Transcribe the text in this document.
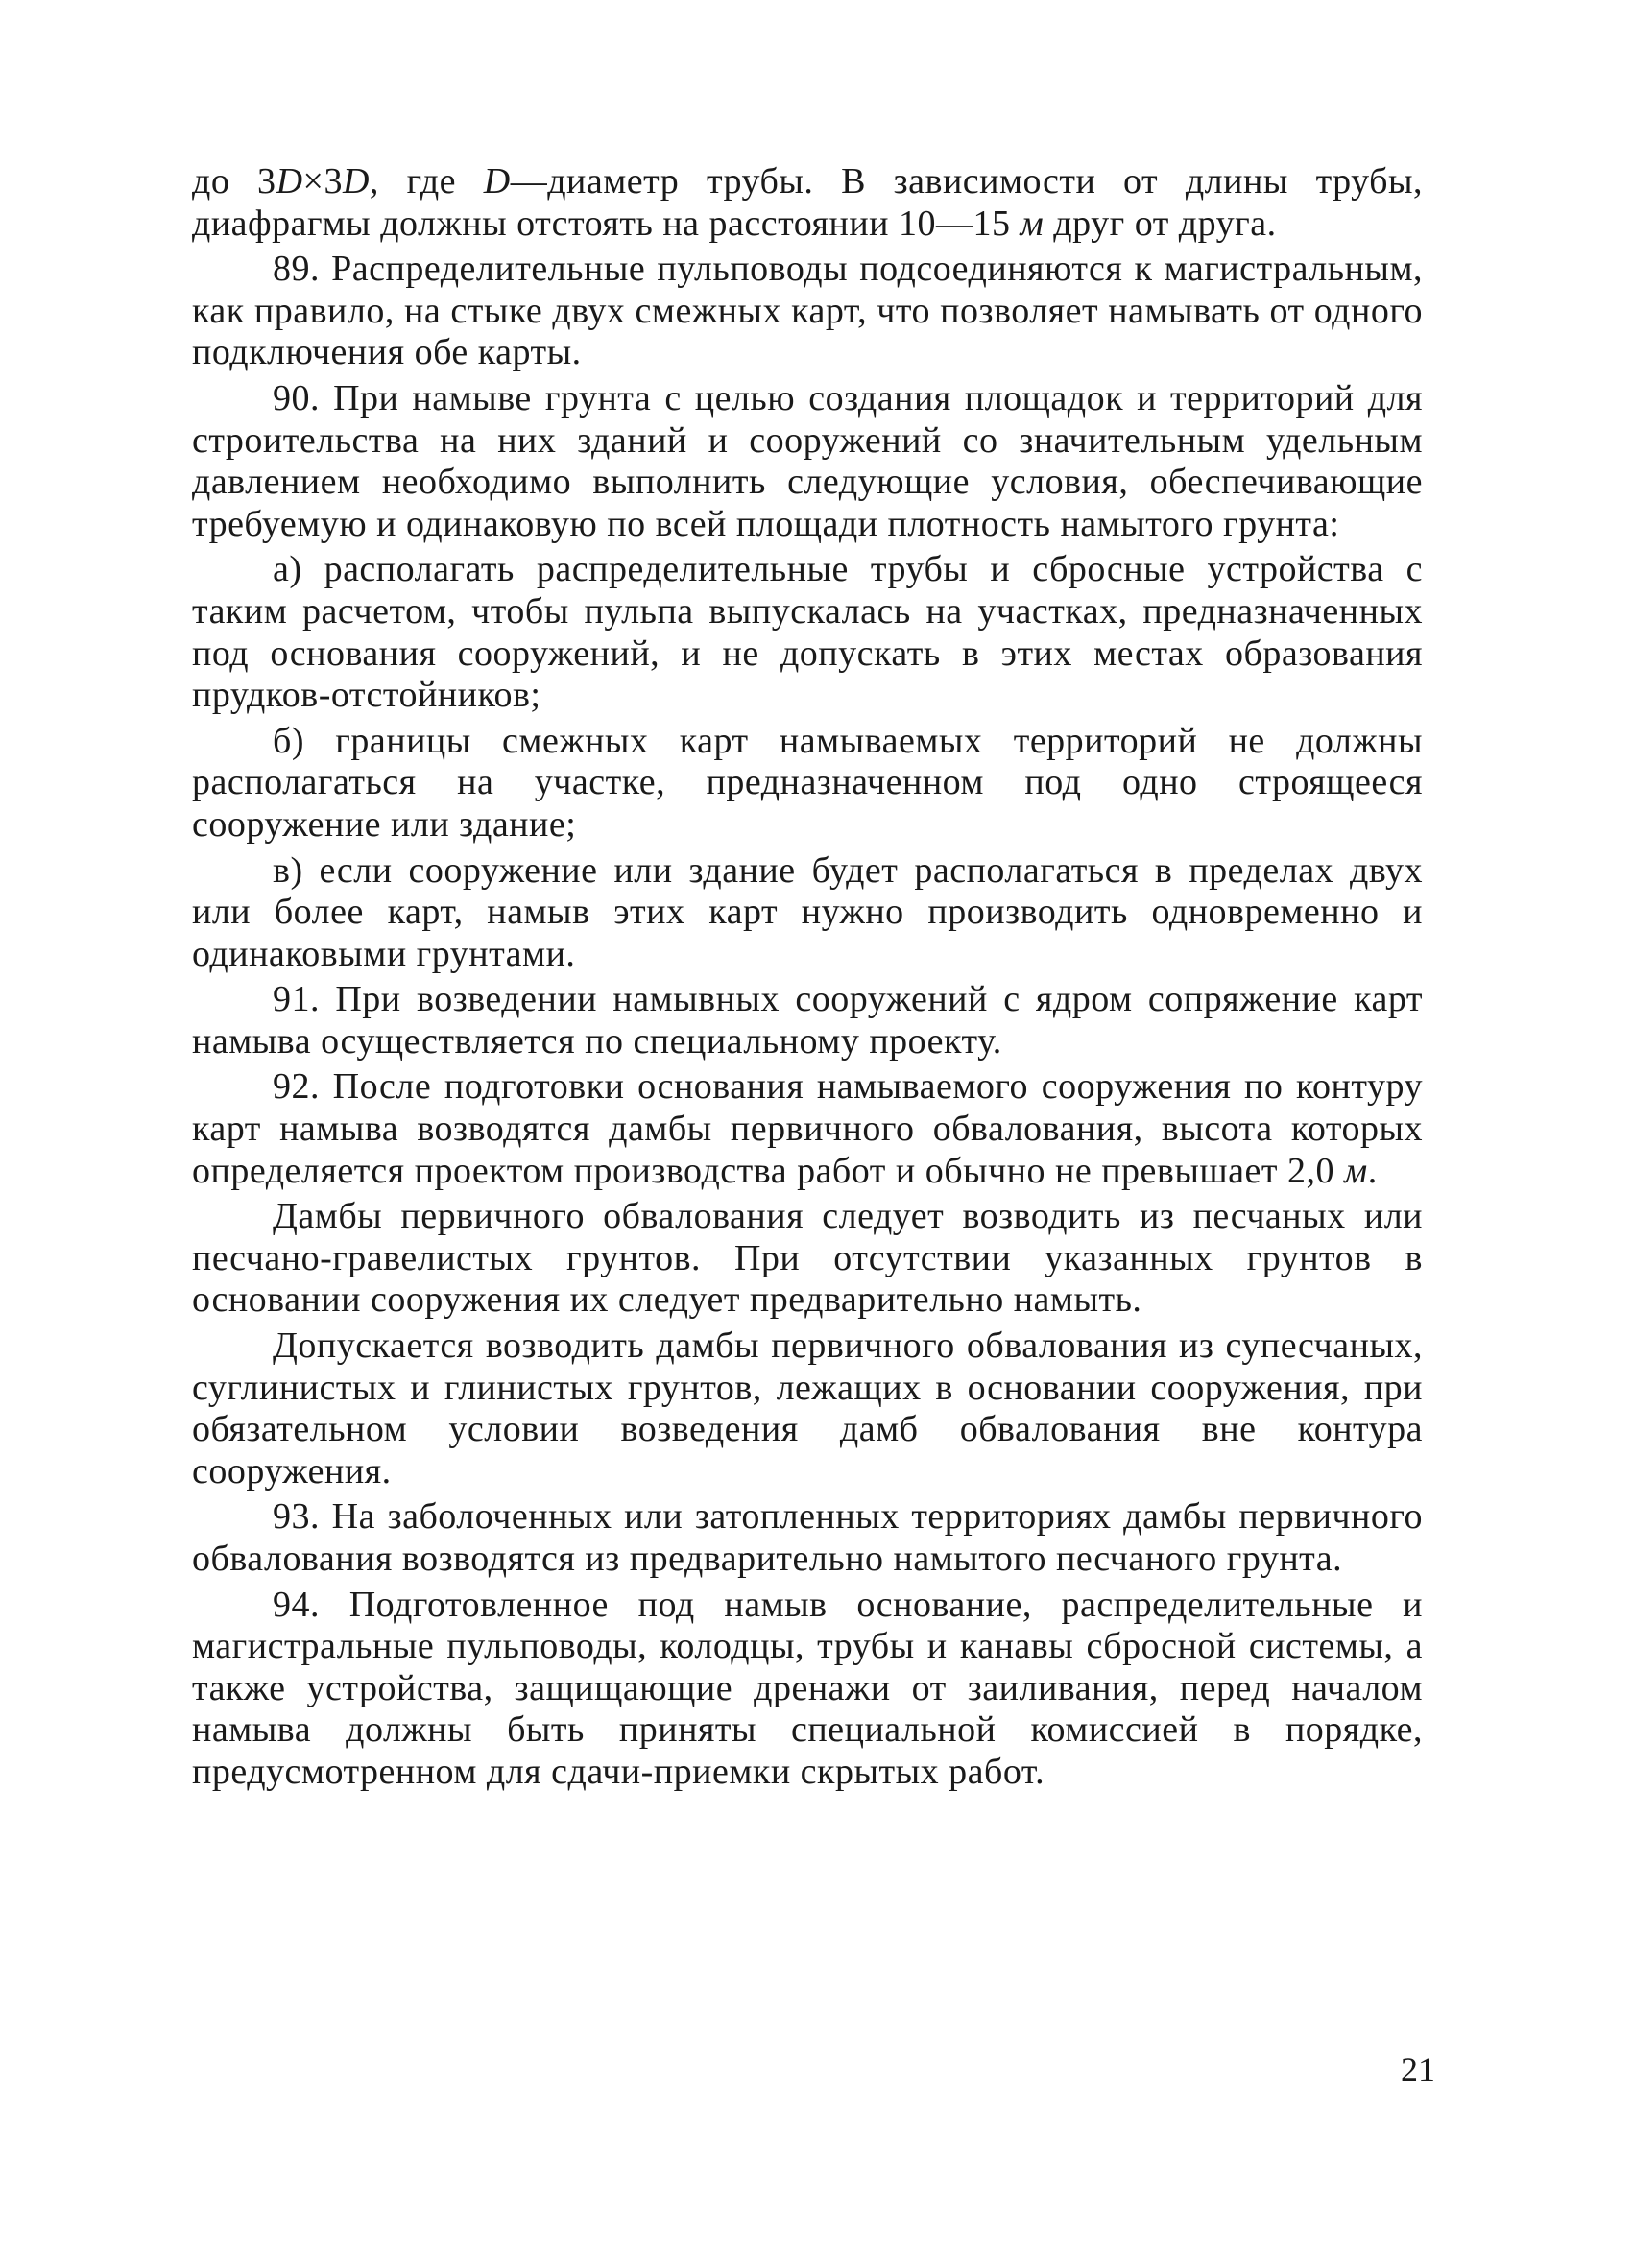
до 3D×3D, где D—диаметр трубы. В зависимости от длины трубы, диафрагмы должны отстоять на расстоянии 10—15 м друг от друга.

89. Распределительные пульповоды подсоединяются к магистральным, как правило, на стыке двух смежных карт, что позволяет намывать от одного подключения обе карты.

90. При намыве грунта с целью создания площадок и территорий для строительства на них зданий и сооружений со значительным удельным давлением необходимо выполнить следующие условия, обеспечивающие требуемую и одинаковую по всей площади плотность намытого грунта:

а) располагать распределительные трубы и сбросные устройства с таким расчетом, чтобы пульпа выпускалась на участках, предназначенных под основания сооружений, и не допускать в этих местах образования прудков-отстойников;

б) границы смежных карт намываемых территорий не должны располагаться на участке, предназначенном под одно строящееся сооружение или здание;

в) если сооружение или здание будет располагаться в пределах двух или более карт, намыв этих карт нужно производить одновременно и одинаковыми грунтами.

91. При возведении намывных сооружений с ядром сопряжение карт намыва осуществляется по специальному проекту.

92. После подготовки основания намываемого сооружения по контуру карт намыва возводятся дамбы первичного обвалования, высота которых определяется проектом производства работ и обычно не превышает 2,0 м.

Дамбы первичного обвалования следует возводить из песчаных или песчано-гравелистых грунтов. При отсутствии указанных грунтов в основании сооружения их следует предварительно намыть.

Допускается возводить дамбы первичного обвалования из супесчаных, суглинистых и глинистых грунтов, лежащих в основании сооружения, при обязательном условии возведения дамб обвалования вне контура сооружения.

93. На заболоченных или затопленных территориях дамбы первичного обвалования возводятся из предварительно намытого песчаного грунта.

94. Подготовленное под намыв основание, распределительные и магистральные пульповоды, колодцы, трубы и канавы сбросной системы, а также устройства, защищающие дренажи от заиливания, перед началом намыва должны быть приняты специальной комиссией в порядке, предусмотренном для сдачи-приемки скрытых работ.

21
